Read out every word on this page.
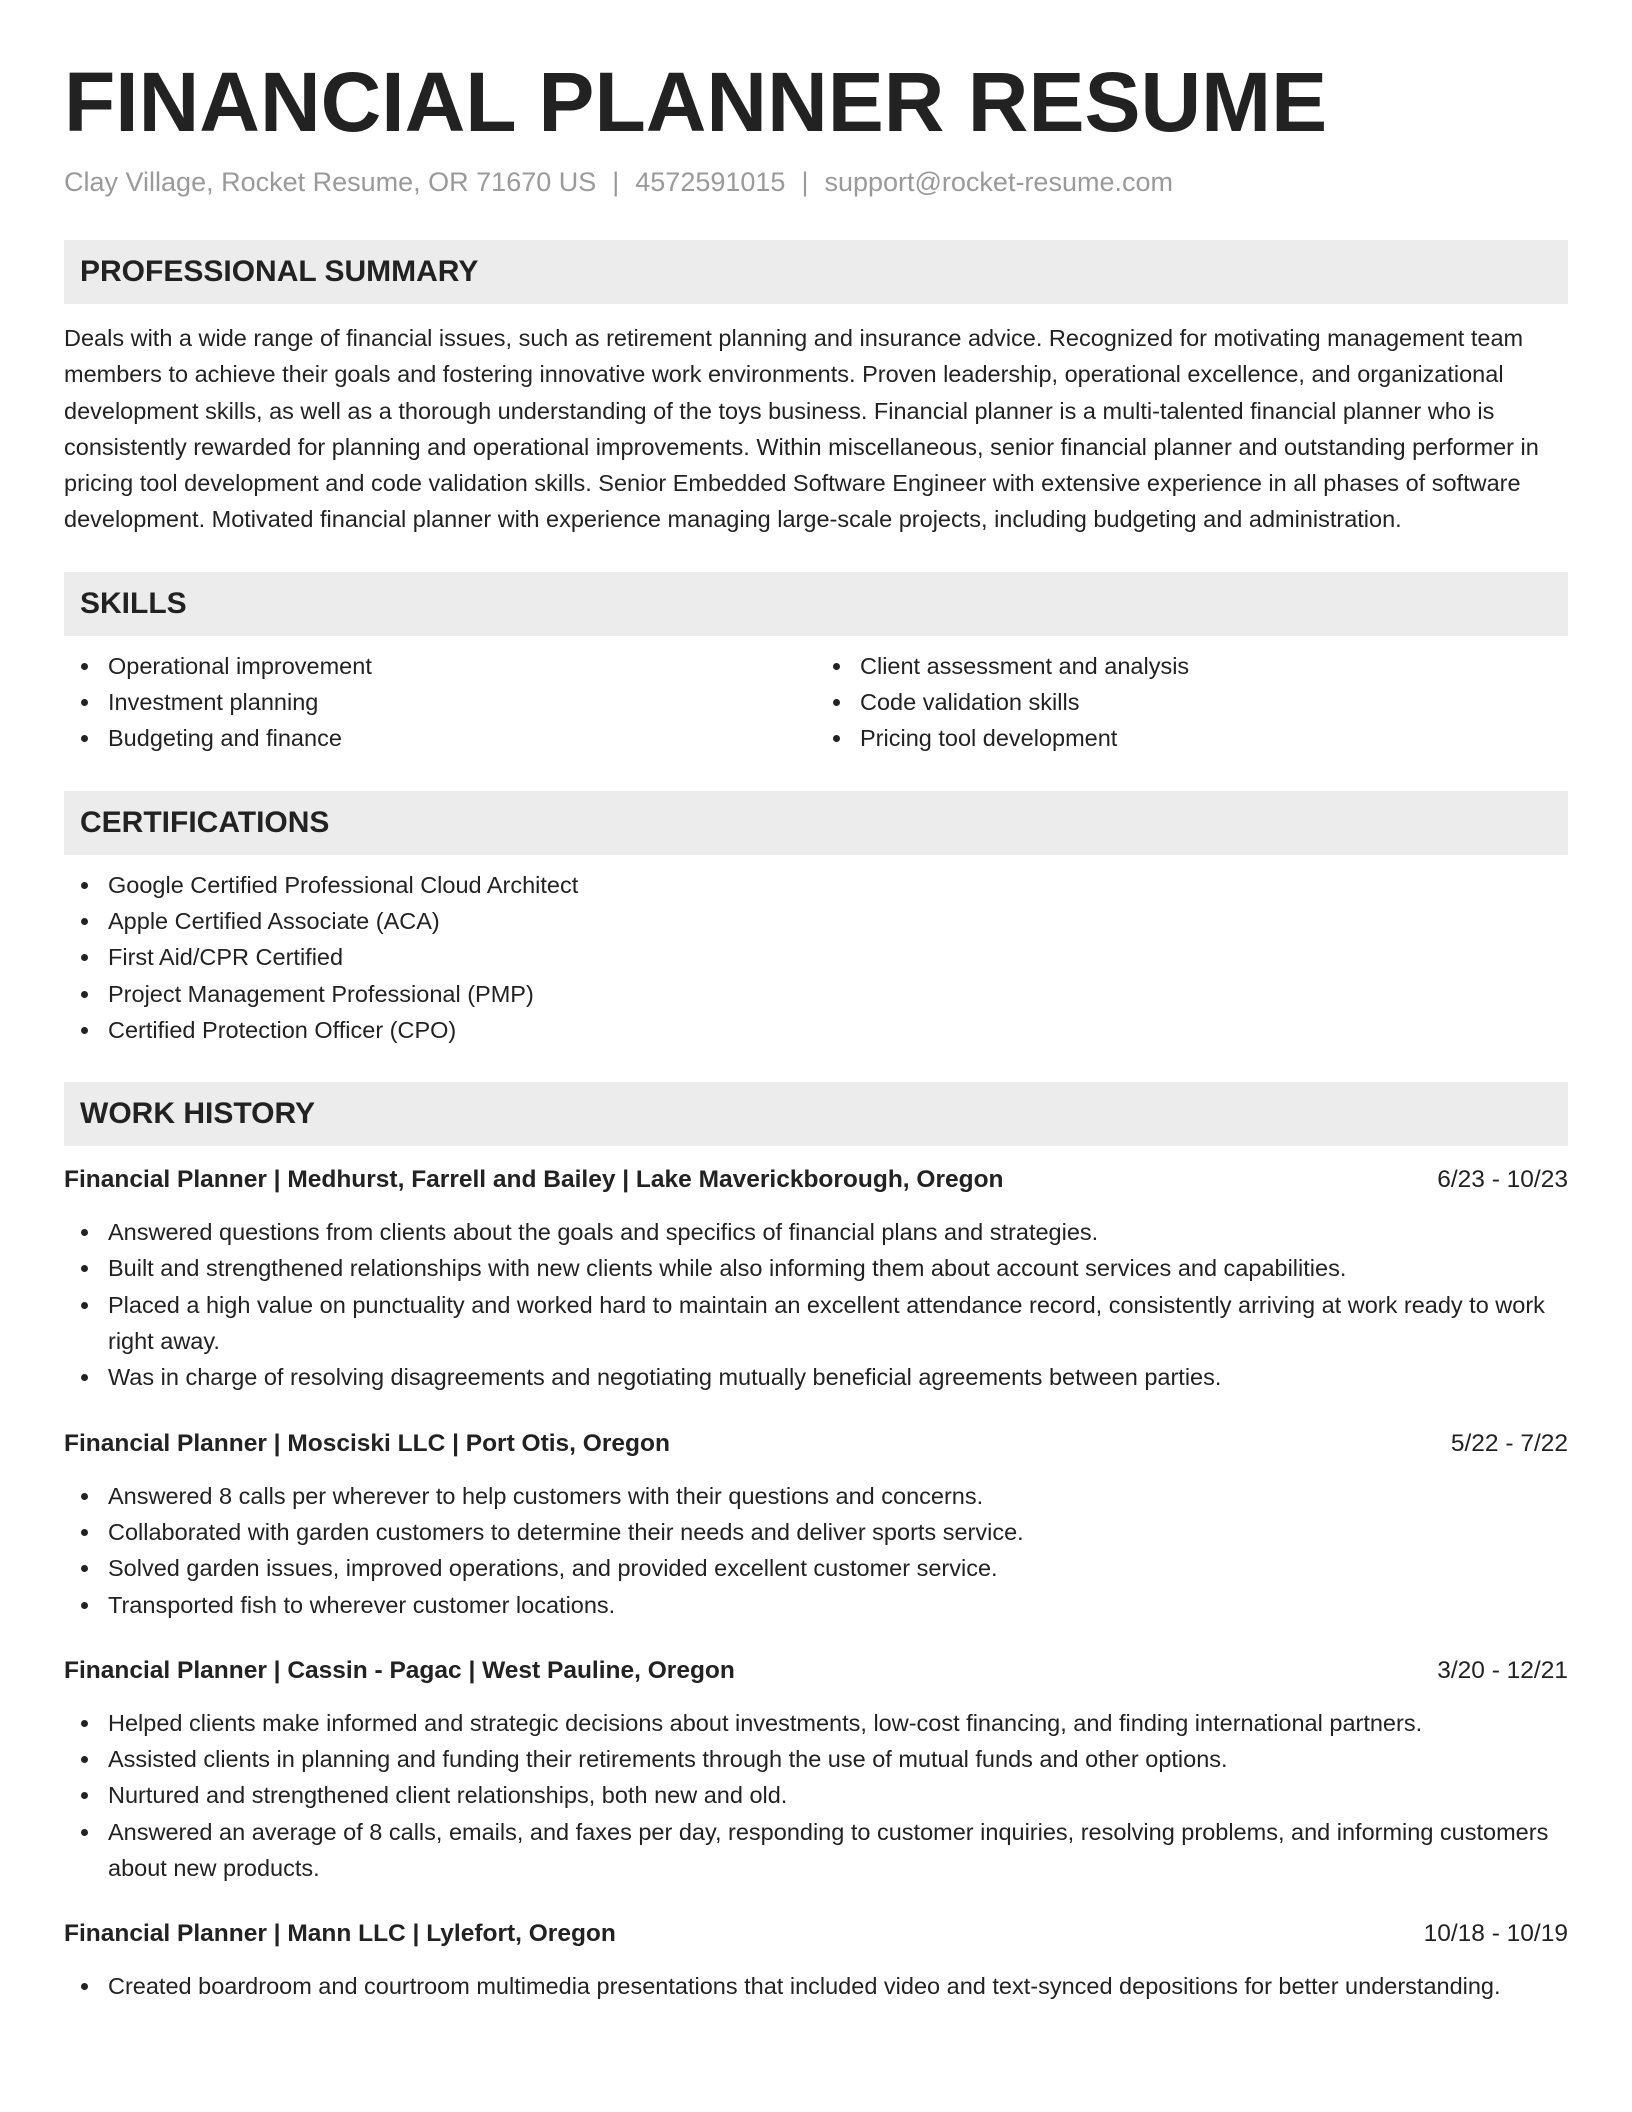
FINANCIAL PLANNER RESUME
Clay Village, Rocket Resume, OR 71670 US | 4572591015 | support@rocket-resume.com
PROFESSIONAL SUMMARY

Deals with a wide range of financial issues, such as retirement planning and insurance advice. Recognized for motivating management team members to achieve their goals and fostering innovative work environments. Proven leadership, operational excellence, and organizational development skills, as well as a thorough understanding of the toys business. Financial planner is a multi-talented financial planner who is consistently rewarded for planning and operational improvements. Within miscellaneous, senior financial planner and outstanding performer in pricing tool development and code validation skills. Senior Embedded Software Engineer with extensive experience in all phases of software development. Motivated financial planner with experience managing large-scale projects, including budgeting and administration.

SKILLS
Operational improvement
Investment planning
Budgeting and finance
Client assessment and analysis
Code validation skills
Pricing tool development
CERTIFICATIONS
Google Certified Professional Cloud Architect
Apple Certified Associate (ACA)
First Aid/CPR Certified
Project Management Professional (PMP)
Certified Protection Officer (CPO)
WORK HISTORY
Financial Planner | Medhurst, Farrell and Bailey | Lake Maverickborough, Oregon	6/23 - 10/23
Answered questions from clients about the goals and specifics of financial plans and strategies.
Built and strengthened relationships with new clients while also informing them about account services and capabilities.
Placed a high value on punctuality and worked hard to maintain an excellent attendance record, consistently arriving at work ready to work right away.
Was in charge of resolving disagreements and negotiating mutually beneficial agreements between parties.
Financial Planner | Mosciski LLC | Port Otis, Oregon	5/22 - 7/22
Answered 8 calls per wherever to help customers with their questions and concerns.
Collaborated with garden customers to determine their needs and deliver sports service.
Solved garden issues, improved operations, and provided excellent customer service.
Transported fish to wherever customer locations.
Financial Planner | Cassin - Pagac | West Pauline, Oregon	3/20 - 12/21
Helped clients make informed and strategic decisions about investments, low-cost financing, and finding international partners.
Assisted clients in planning and funding their retirements through the use of mutual funds and other options.
Nurtured and strengthened client relationships, both new and old.
Answered an average of 8 calls, emails, and faxes per day, responding to customer inquiries, resolving problems, and informing customers about new products.
Financial Planner | Mann LLC | Lylefort, Oregon	10/18 - 10/19
Created boardroom and courtroom multimedia presentations that included video and text-synced depositions for better understanding.
